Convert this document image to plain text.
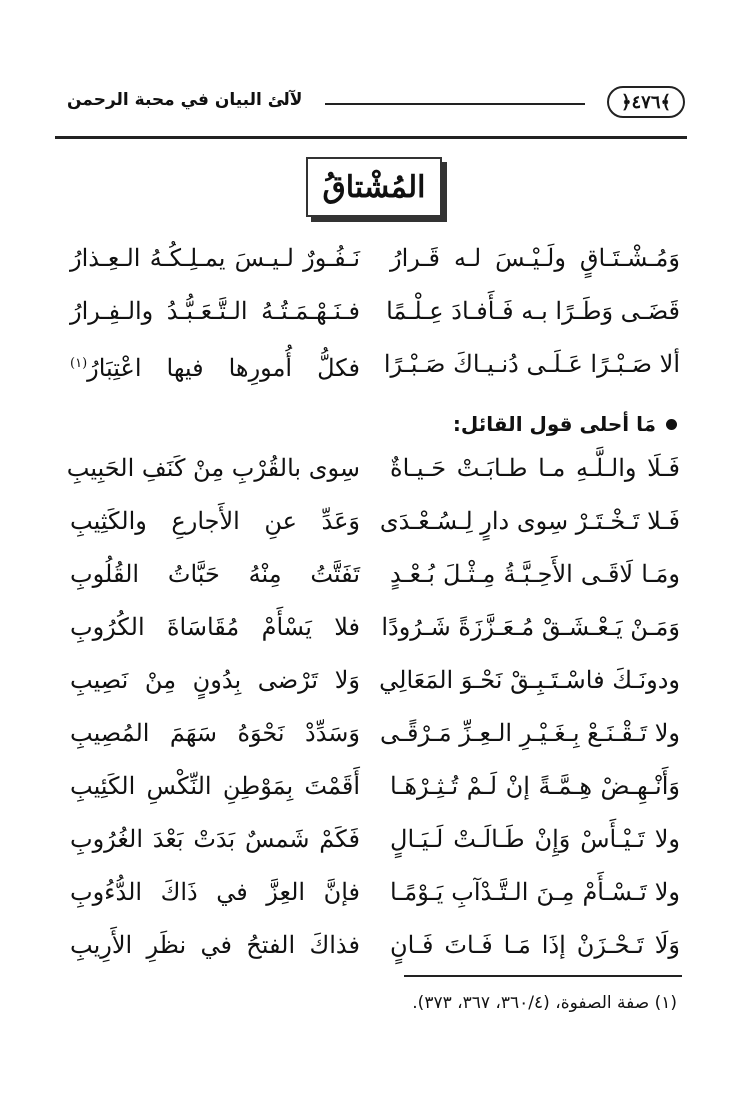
﴿٤٧٦﴾
لآلئ البيان في محبة الرحمن
المُشْتاقُ
وَمُـشْـتَـاقٍ ولَـيْـسَ لـه قَـرارُ
نَـفُـورٌ لـيـسَ يمـلِـكُـهُ الـعِـذارُ
قَضَـى وَطَـرًا بـه فَـأَفـادَ عِـلْـمًا
فـنَـهْـمَـتُـهُ الـتَّـعَـبُّـدُ والـفِـرارُ
ألا صَـبْـرًا عَـلَـى دُنـيـاكَ صَـبْـرًا
فكلُّ أُمورِها فيها اعْتِبَارُ$^{(١)}$
مَا أحلى قول القائل:
فَـلَا والـلَّـهِ مـا طـابَـتْ حَـيـاةٌ
سِوى بالقُرْبِ مِنْ كَنَفِ الحَبِيبِ
فَـلا تَـخْـتَـرْ سِوى دارٍ لِـسُـعْـدَى
وَعَدِّ عنِ الأَجارعِ والكَثِيبِ
ومَـا لَاقَـى الأَحِـبَّـةُ مِـثْـلَ بُـعْـدٍ
تَفَتَّتُ مِنْهُ حَبَّاتُ القُلُوبِ
وَمَـنْ يَـعْـشَـقْ مُـعَـزَّزَةً شَـرُودًا
فلا يَسْأَمْ مُقَاسَاةَ الكُرُوبِ
ودونَـكَ فاسْـتَـبِـقْ نَحْـوَ المَعَالِي
وَلا تَرْضى بِدُونٍ مِنْ نَصِيبِ
ولا تَـقْـنَـعْ بِـغَـيْـرِ الـعِـزِّ مَـرْقًـى
وَسَدِّدْ نَحْوَهُ سَهَمَ المُصِيبِ
وَأَنْـهِـضْ هِـمَّـةً إنْ لَـمْ تُـثِـرْهَـا
أَقَمْتَ بِمَوْطِنِ النِّكْسِ الكَئِيبِ
ولا تَـيْـأَسْ وَإِنْ طَـالَـتْ لَـيَـالٍ
فَكَمْ شَمسٌ بَدَتْ بَعْدَ الغُرُوبِ
ولا تَـسْـأَمْ مِـنَ الـتَّـدْآبِ يَـوْمًـا
فإنَّ العِزَّ في ذَاكَ الدُّءُوبِ
وَلَا تَـحْـزَنْ إذَا مَـا فَـاتَ فَـانٍ
فذاكَ الفتحُ في نظَرِ الأَرِيبِ
(١) صفة الصفوة، (٣٦٠/٤، ٣٦٧، ٣٧٣).
